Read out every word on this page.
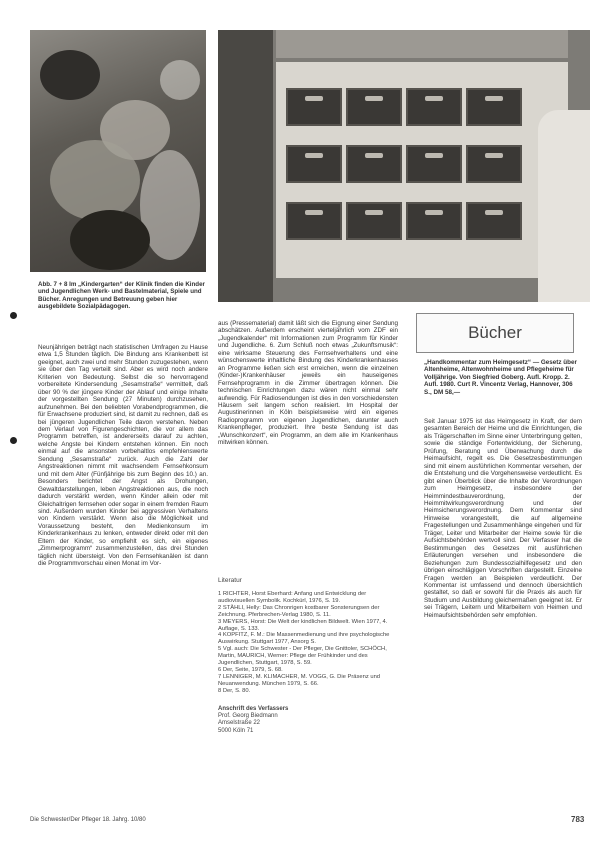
Abb. 7 + 8 Im „Kindergarten“ der Klinik finden die Kinder und Jugendlichen Werk- und Bastelmaterial, Spiele und Bücher. Anregungen und Betreuung geben hier ausgebildete Sozialpädagogen.

Neunjährigen beträgt nach statistischen Umfragen zu Hause etwa 1,5 Stunden täglich. Die Bindung ans Krankenbett ist geeignet, auch zwei und mehr Stunden zuzugestehen, wenn sie über den Tag verteilt sind. Aber es wird noch andere Kriterien von Bedeutung. Selbst die so hervorragend vorbereitete Kindersendung „Sesamstraße“ vermittelt, daß über 90 % der jüngere Kinder der Ablauf und einige Inhalte der vorgestellten Sendung (27 Minuten) durchzusehen, aufzunehmen. Bei den beliebten Vorabendprogrammen, die für Erwachsene produziert sind, ist damit zu rechnen, daß es bei jüngeren Jugendlichen Teile davon verstehen. Neben dem Verlauf von Figurengeschichten, die vor allem das Programm betreffen, ist andererseits darauf zu achten, welche Angste bei Kindern entstehen können. Ein noch einmal auf die ansonsten vorbehaltlos empfehlenswerte Sendung „Sesamstraße“ zurück. Auch die Zahl der Angstreaktionen nimmt mit wachsendem Fernsehkonsum und mit dem Alter (Fünfjährige bis zum Beginn des 10.) an. Besonders berichtet der Angst als Drohungen, Gewaltdarstellungen, leben Angstreaktionen aus, die noch dadurch verstärkt werden, wenn Kinder allein oder mit Gleichaltrigen fernsehen oder sogar in einem fremden Raum sind. Außerdem wurden Kinder bei aggressiven Verhaltens von Kindern verstärkt. Wenn also die Möglichkeit und Voraussetzung besteht, den Medienkonsum im Kinderkrankenhaus zu lenken, entweder direkt oder mit den Eltern der Kinder, so empfiehlt es sich, ein eigenes „Zimmerprogramm“ zusammenzustellen, das drei Stunden täglich nicht übersteigt. Von den Fernsehkanälen ist dann die Programmvorschau einen Monat im Vor-

aus (Pressematerial) damit läßt sich die Eignung einer Sendung abschätzen. Außerdem erscheint vierteljährlich vom ZDF ein „Jugendkalender“ mit Informationen zum Programm für Kinder und Jugendliche. 6. Zum Schluß noch etwas „Zukunftsmusik“: eine wirksame Steuerung des Fernsehverhaltens und eine wünschenswerte inhaltliche Bindung des Kinderkrankenhauses an Programme ließen sich erst erreichen, wenn die einzelnen (Kinder-)Krankenhäuser jeweils ein hauseigenes Fernsehprogramm in die Zimmer übertragen können. Die technischen Einrichtungen dazu wären nicht einmal sehr aufwendig. Für Radiosendungen ist dies in den vorschiedensten Häusern seit langem schon realisiert. Im Hospital der Augustinerinnen in Köln beispielsweise wird ein eigenes Radioprogramm von eigenen Jugendlichen, darunter auch Krankenpfleger, produziert. Ihre beste Sendung ist das „Wunschkonzert“, ein Programm, an dem alle im Krankenhaus mitwirken können.

Literatur
1 RICHTER, Horst Eberhard: Anfang und Entwicklung der audiovisuellen Symbolik. Kochkürl, 1976, S. 19.
2 STÄHLI, Helly: Das Chronrigen kostbarer Sonsterungsen der Zeichnung. Pferbrechen-Verlag 1980, S. 11.
3 MEYERS, Horst: Die Welt der kindlichen Bildwelt. Wien 1977, 4. Auflage, S. 133.
4 KOPFITZ, F. M.: Die Massenmedienung und ihre psychologische Auswirkung. Stuttgart 1977, Ansorg S.
5 Vgl. auch: Die Schwester - Der Pfleger, Die Gnittoler, SCHÖCH, Martin, MAURICH, Werner: Pflege der Frühkinder und des Jugendlichen, Stuttgart, 1978, S. 59.
6 Der, Seite, 1979, S. 68.
7 LENNIGER, M. KLIMACHER, M. VOGG, G. Die Präsenz und Neuanwendung. München 1979, S. 66.
8 Der, S. 80.
Anschrift des Verfassers
Prof. Georg Biedmann
Amselstraße 22
5000 Köln 71
Bücher
„Handkommentar zum Heimgesetz“ — Gesetz über Altenheime, Altenwohnheime und Pflegeheime für Volljährige. Von Siegfried Goberg. Aufl. Kropp. 2. Aufl. 1980. Curt R. Vincentz Verlag, Hannover, 306 S., DM 58,—

Seit Januar 1975 ist das Heimgesetz in Kraft, der dem gesamten Bereich der Heime und die Einrichtungen, die als Trägerschaften im Sinne einer Unterbringung gelten, sowie die ständige Fortentwicklung, der Sicherung, Prüfung, Beratung und Überwachung durch die Heimaufsicht, regelt es. Die Gesetzesbestimmungen sind mit einem ausführlichen Kommentar versehen, der die Entstehung und die Vorgehensweise verdeutlicht. Es gibt einen Überblick über die Inhalte der Verordnungen zum Heimgesetz, insbesondere der Heimmindestbauverordnung, der Heimmitwirkungsverordnung und der Heimsicherungsverordnung. Dem Kommentar sind Hinweise vorangestellt, die auf allgemeine Fragestellungen und Zusammenhänge eingehen und für Träger, Leiter und Mitarbeiter der Heime sowie für die Aufsichtsbehörden wertvoll sind. Der Verfasser hat die Bestimmungen des Gesetzes mit ausführlichen Erläuterungen versehen und insbesondere die Beziehungen zum Bundessozialhilfegesetz und den übrigen einschlägigen Vorschriften dargestellt. Einzelne Fragen werden an Beispielen verdeutlicht. Der Kommentar ist umfassend und dennoch übersichtlich gestaltet, so daß er sowohl für die Praxis als auch für Studium und Ausbildung gleichermaßen geeignet ist. Er sei Trägern, Leitern und Mitarbeitern von Heimen und Heimaufsichtsbehörden sehr empfohlen.

Die Schwester/Der Pfleger 18. Jahrg. 10/80	783
